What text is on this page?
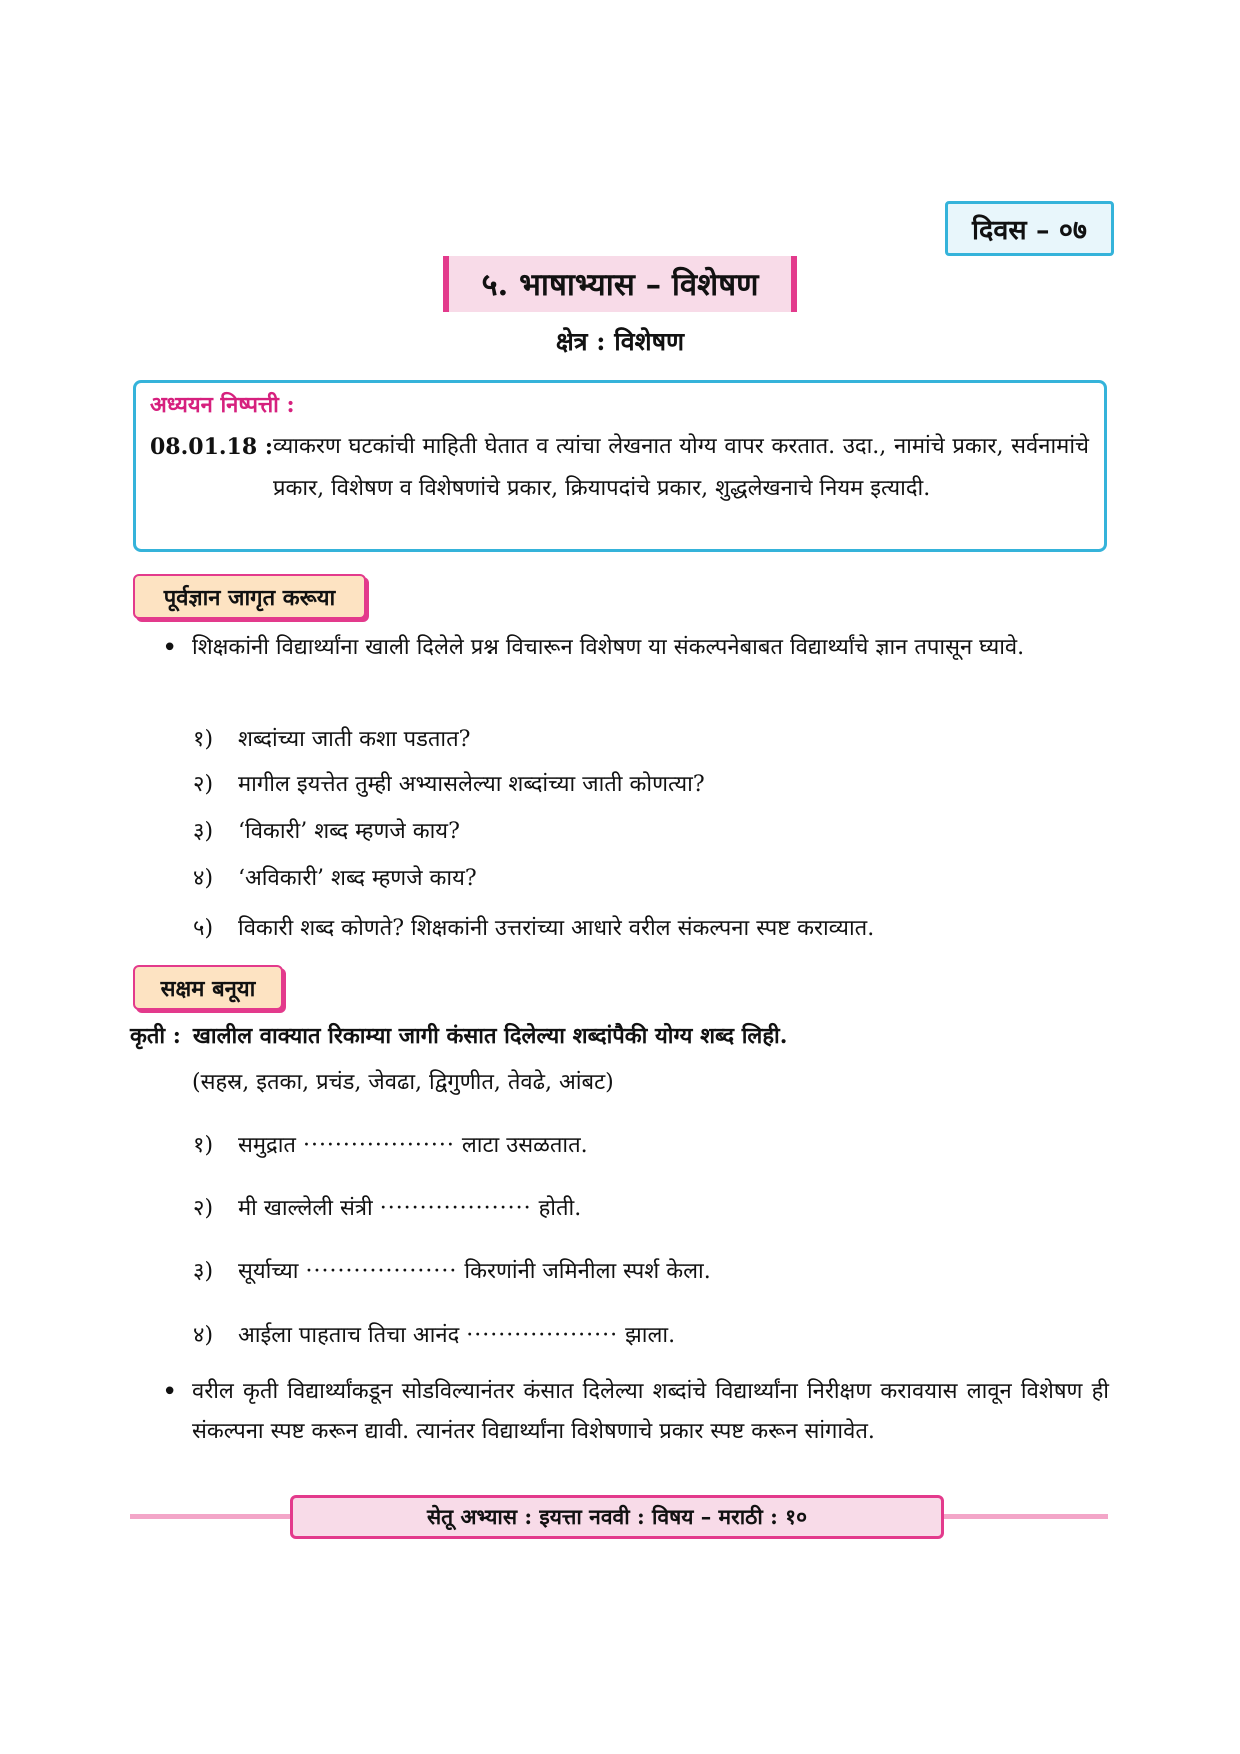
दिवस – ०७
५. भाषाभ्यास – विशेषण
क्षेत्र : विशेषण
अध्ययन निष्पत्ती :
08.01.18 : व्याकरण घटकांची माहिती घेतात व त्यांचा लेखनात योग्य वापर करतात. उदा., नामांचे प्रकार, सर्वनामांचे प्रकार, विशेषण व विशेषणांचे प्रकार, क्रियापदांचे प्रकार, शुद्धलेखनाचे नियम इत्यादी.
पूर्वज्ञान जागृत करूया
• शिक्षकांनी विद्यार्थ्यांना खाली दिलेले प्रश्न विचारून विशेषण या संकल्पनेबाबत विद्यार्थ्यांचे ज्ञान तपासून घ्यावे.
१) शब्दांच्या जाती कशा पडतात?
२) मागील इयत्तेत तुम्ही अभ्यासलेल्या शब्दांच्या जाती कोणत्या?
३) ‘विकारी’ शब्द म्हणजे काय?
४) ‘अविकारी’ शब्द म्हणजे काय?
५) विकारी शब्द कोणते? शिक्षकांनी उत्तरांच्या आधारे वरील संकल्पना स्पष्ट कराव्यात.
सक्षम बनूया
कृती : खालील वाक्यात रिकाम्या जागी कंसात दिलेल्या शब्दांपैकी योग्य शब्द लिही.
(सहस्र, इतका, प्रचंड, जेवढा, द्विगुणीत, तेवढे, आंबट)
१) समुद्रात ··················· लाटा उसळतात.
२) मी खाल्लेली संत्री ··················· होती.
३) सूर्याच्या ··················· किरणांनी जमिनीला स्पर्श केला.
४) आईला पाहताच तिचा आनंद ··················· झाला.
• वरील कृती विद्यार्थ्यांकडून सोडविल्यानंतर कंसात दिलेल्या शब्दांचे विद्यार्थ्यांना निरीक्षण करावयास लावून विशेषण ही संकल्पना स्पष्ट करून द्यावी. त्यानंतर विद्यार्थ्यांना विशेषणाचे प्रकार स्पष्ट करून सांगावेत.
सेतू अभ्यास : इयत्ता नववी : विषय – मराठी : १०
